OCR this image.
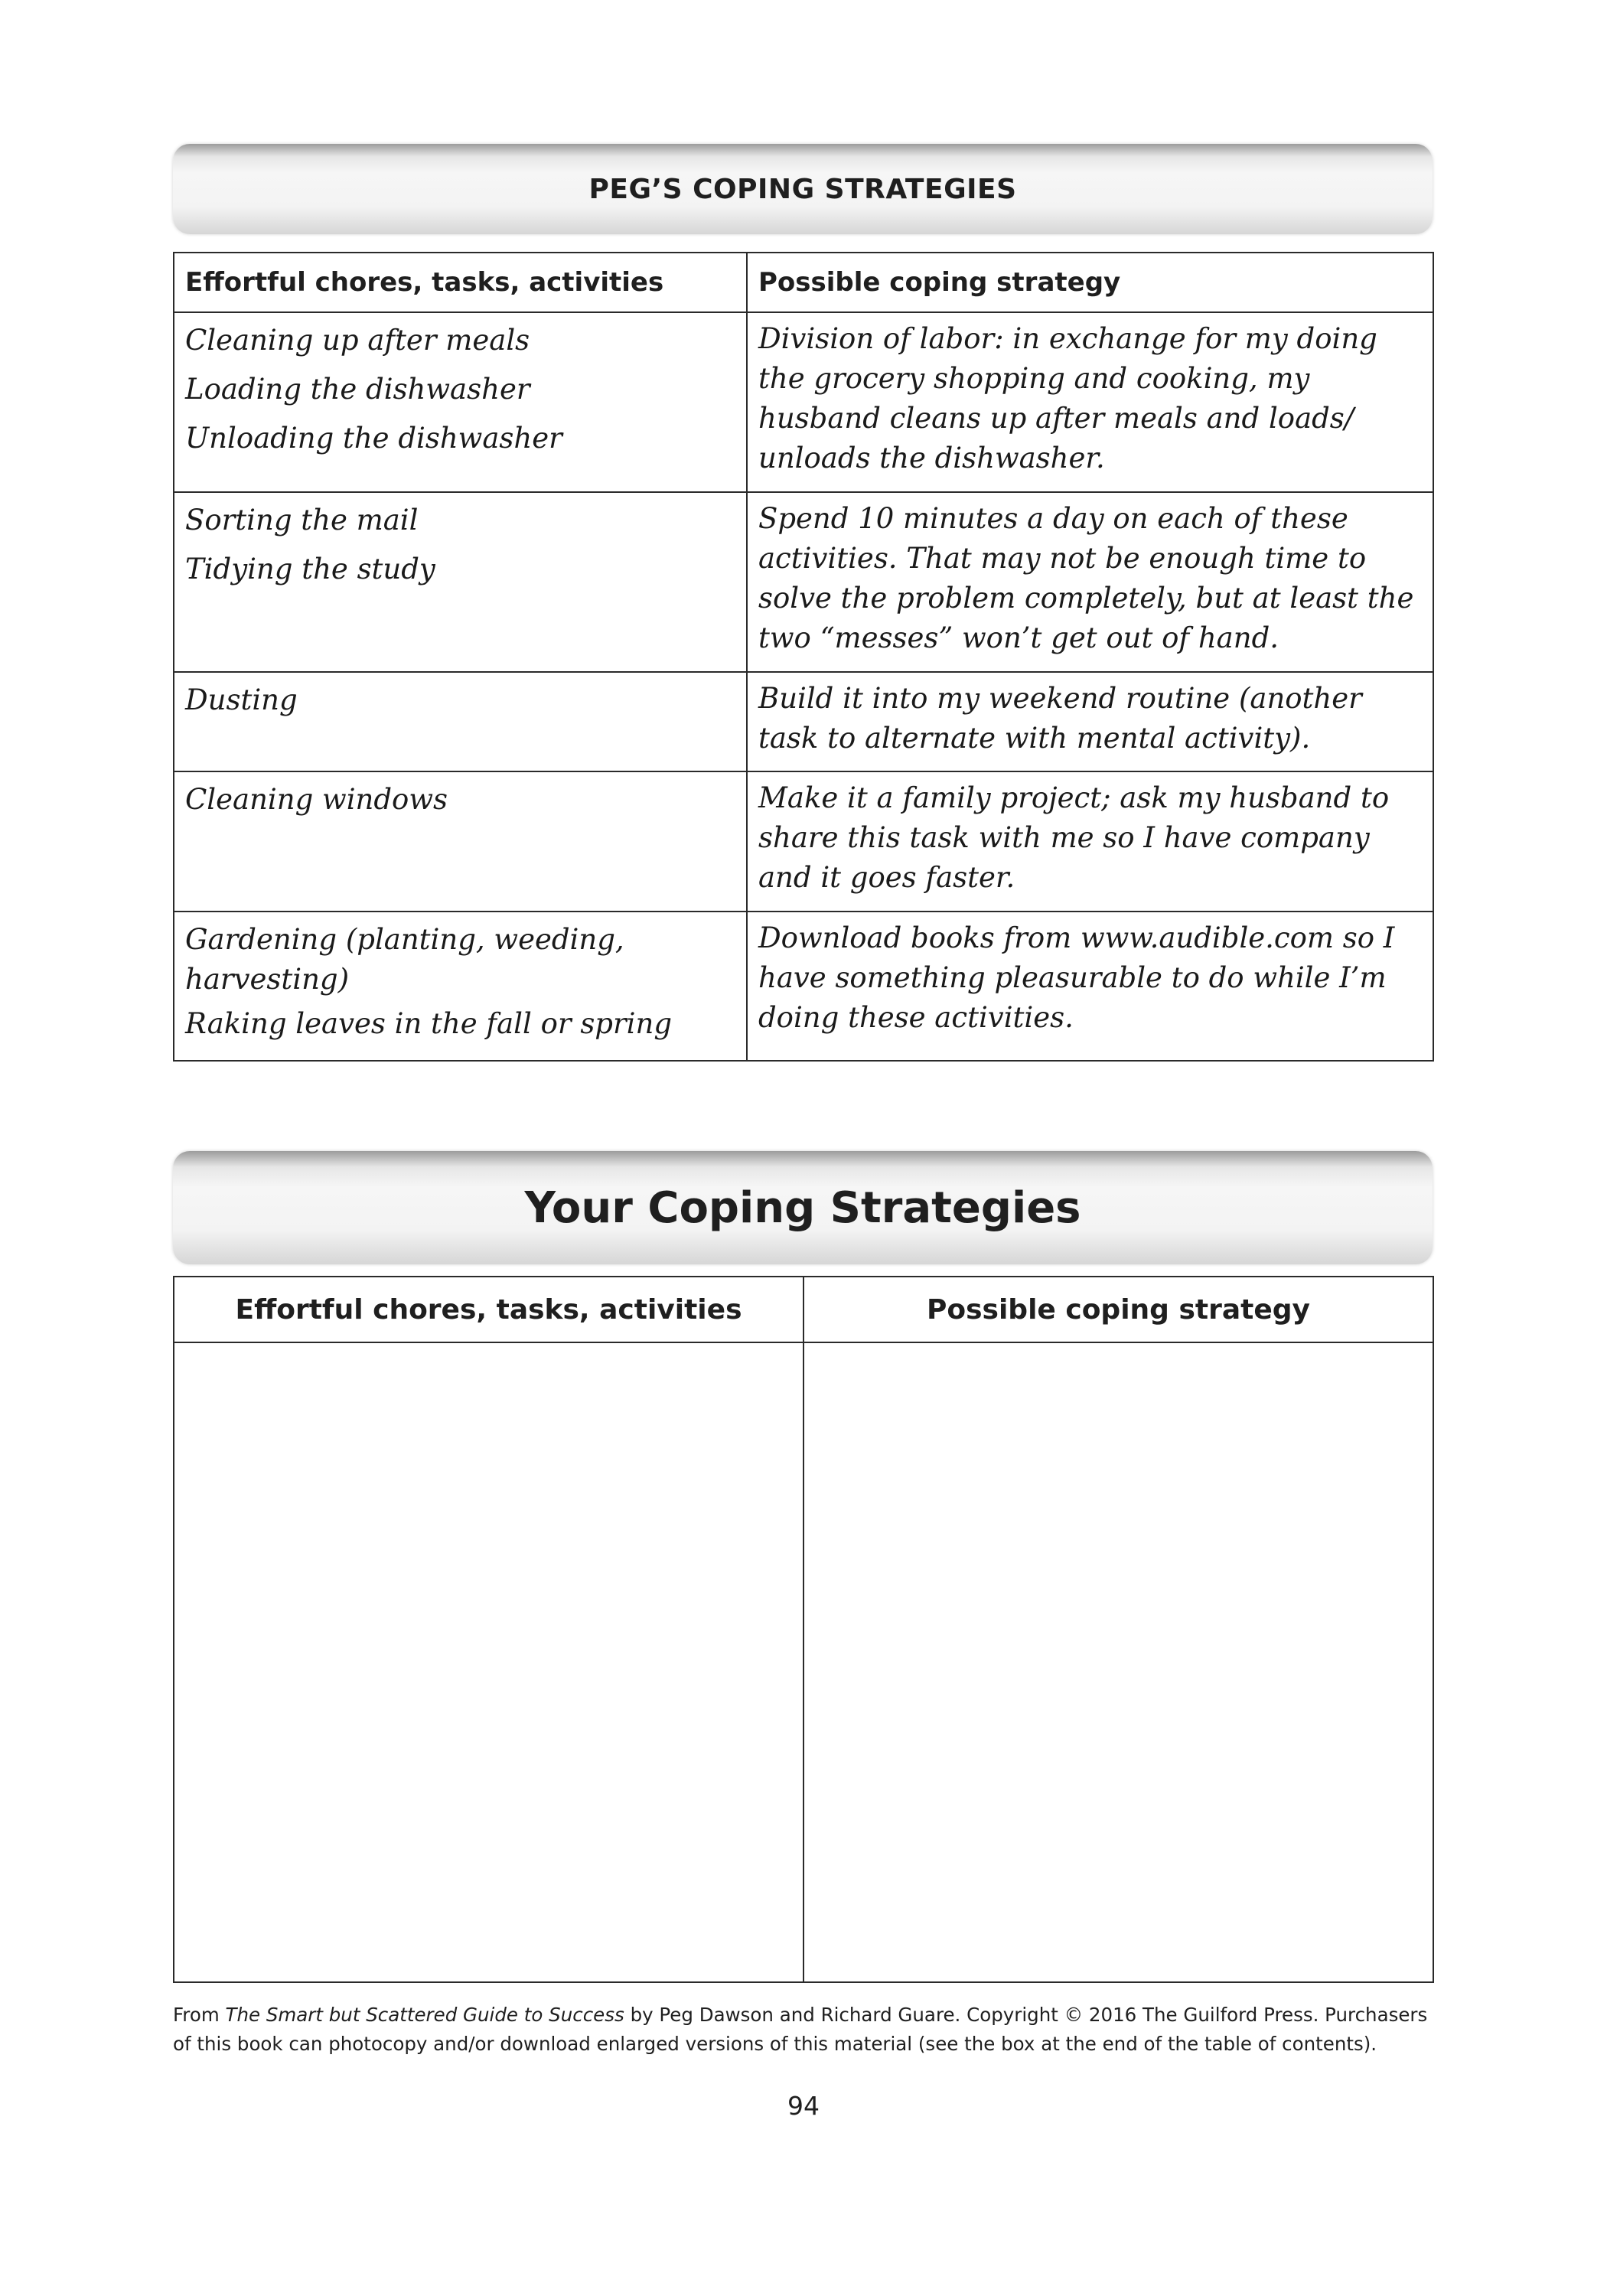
PEG’S COPING STRATEGIES
Effortful chores, tasks, activities	Possible coping strategy

Cleaning up after meals
Loading the dishwasher
Unloading the dishwasher	Division of labor: in exchange for my doing the grocery shopping and cooking, my husband cleans up after meals and loads/ unloads the dishwasher.

Sorting the mail
Tidying the study	Spend 10 minutes a day on each of these activities. That may not be enough time to solve the problem completely, but at least the two “messes” won’t get out of hand.

Dusting	Build it into my weekend routine (another task to alternate with mental activity).

Cleaning windows	Make it a family project; ask my husband to share this task with me so I have company and it goes faster.

Gardening (planting, weeding, harvesting)
Raking leaves in the fall or spring	Download books from www.audible.com so I have something pleasurable to do while I’m doing these activities.
Your Coping Strategies
Effortful chores, tasks, activities	Possible coping strategy

From The Smart but Scattered Guide to Success by Peg Dawson and Richard Guare. Copyright © 2016 The Guilford Press. Purchasers of this book can photocopy and/or download enlarged versions of this material (see the box at the end of the table of contents).
94
